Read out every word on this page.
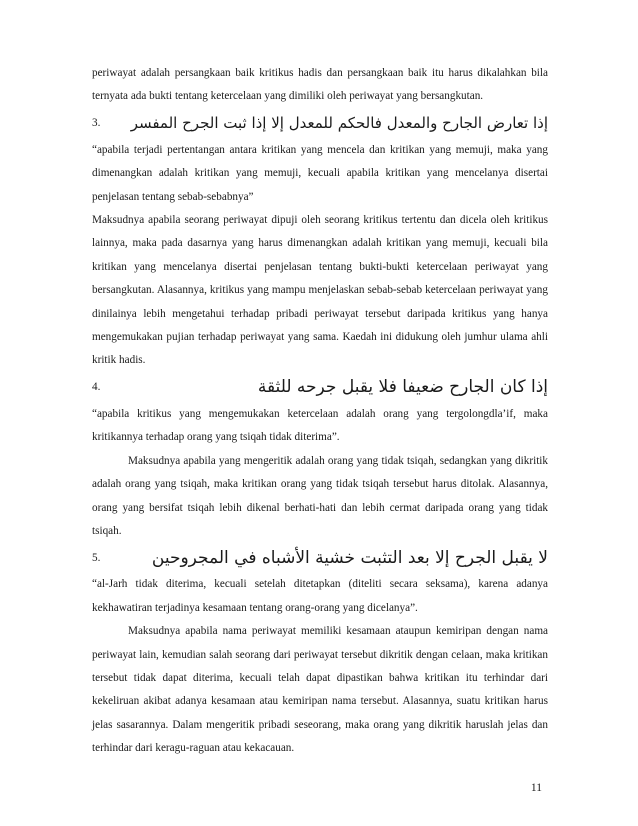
periwayat adalah persangkaan baik kritikus hadis dan persangkaan baik itu harus dikalahkan bila ternyata ada bukti tentang ketercelaan yang dimiliki oleh periwayat yang bersangkutan.

3. إذا تعارض الجارح والمعدل فالحكم للمعدل إلا إذا ثبت الجرح المفسر

“apabila terjadi pertentangan antara kritikan yang mencela dan kritikan yang memuji, maka yang dimenangkan adalah kritikan yang memuji, kecuali apabila kritikan yang mencelanya disertai penjelasan tentang sebab-sebabnya”

Maksudnya apabila seorang periwayat dipuji oleh seorang kritikus tertentu dan dicela oleh kritikus lainnya, maka pada dasarnya yang harus dimenangkan adalah kritikan yang memuji, kecuali bila kritikan yang mencelanya disertai penjelasan tentang bukti-bukti ketercelaan periwayat yang bersangkutan. Alasannya, kritikus yang mampu menjelaskan sebab-sebab ketercelaan periwayat yang dinilainya lebih mengetahui terhadap pribadi periwayat tersebut daripada kritikus yang hanya mengemukakan pujian terhadap periwayat yang sama. Kaedah ini didukung oleh jumhur ulama ahli kritik hadis.

4.	إذا كان الجارح ضعيفا فلا يقبل جرحه للثقة

“apabila kritikus yang mengemukakan ketercelaan adalah orang yang tergolongdla’if, maka kritikannya terhadap orang yang tsiqah tidak diterima”.

Maksudnya apabila yang mengeritik adalah orang yang tidak tsiqah, sedangkan yang dikritik adalah orang yang tsiqah, maka kritikan orang yang tidak tsiqah tersebut harus ditolak. Alasannya, orang yang bersifat tsiqah lebih dikenal berhati-hati dan lebih cermat daripada orang yang tidak tsiqah.

5.	لا يقبل الجرح إلا بعد التثبت خشية الأشباه في المجروحين

“al-Jarh tidak diterima, kecuali setelah ditetapkan (diteliti secara seksama), karena adanya kekhawatiran terjadinya kesamaan tentang orang-orang yang dicelanya”.

Maksudnya apabila nama periwayat memiliki kesamaan ataupun kemiripan dengan nama periwayat lain, kemudian salah seorang dari periwayat tersebut dikritik dengan celaan, maka kritikan tersebut tidak dapat diterima, kecuali telah dapat dipastikan bahwa kritikan itu terhindar dari kekeliruan akibat adanya kesamaan atau kemiripan nama tersebut. Alasannya, suatu kritikan harus jelas sasarannya. Dalam mengeritik pribadi seseorang, maka orang yang dikritik haruslah jelas dan terhindar dari keragu-raguan atau kekacauan.

11
